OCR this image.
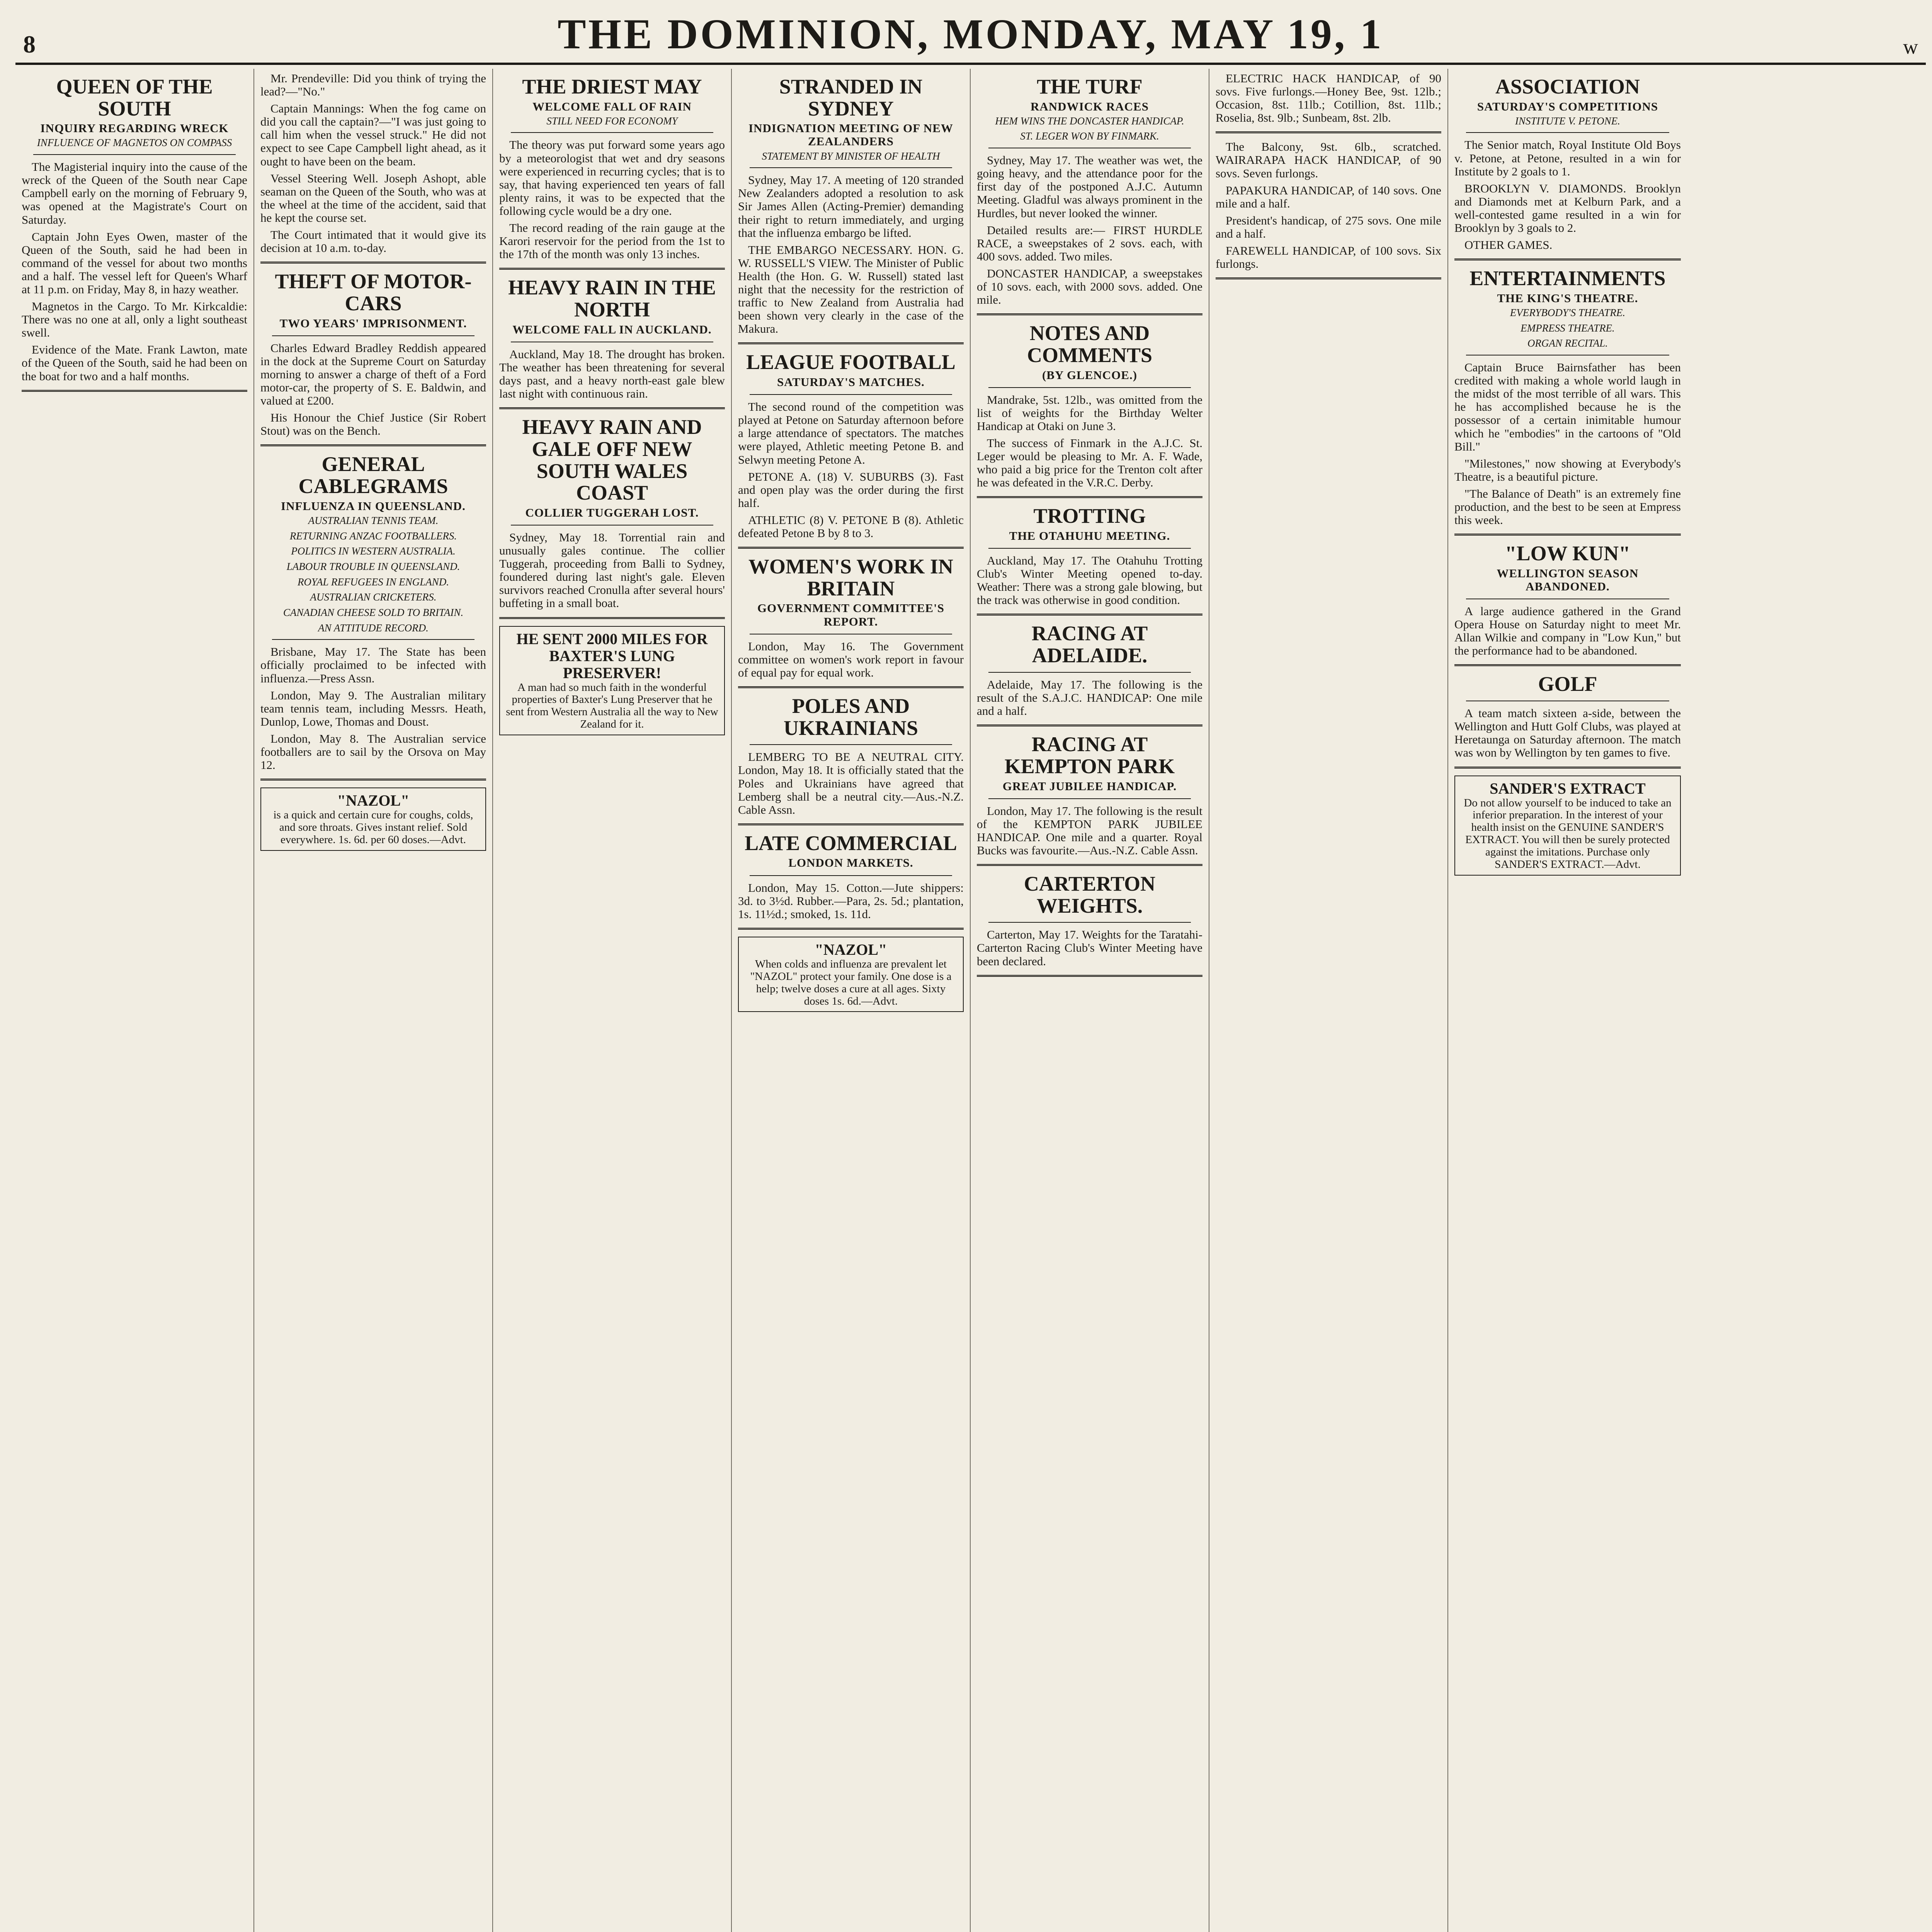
8	THE DOMINION, MONDAY, MAY 19, 1	w
QUEEN OF THE SOUTH
INQUIRY REGARDING WRECK
INFLUENCE OF MAGNETOS ON COMPASS

The Magisterial inquiry into the cause of the wreck of the Queen of the South near Cape Campbell early on the morning of February 9, was opened at the Magistrate's Court on Saturday.

Captain John Eyes Owen, master of the Queen of the South, said he had been in command of the vessel for about two months and a half. The vessel left for Queen's Wharf at 11 p.m. on Friday, May 8, in hazy weather.

Magnetos in the Cargo. To Mr. Kirkcaldie: There was no one at all, only a light southeast swell.

Evidence of the Mate. Frank Lawton, mate of the Queen of the South, said he had been on the boat for two and a half months.

Mr. Prendeville: Did you think of trying the lead?—"No."

Captain Mannings: When the fog came on did you call the captain?—"I was just going to call him when the vessel struck." He did not expect to see Cape Campbell light ahead, as it ought to have been on the beam.

Vessel Steering Well. Joseph Ashopt, able seaman on the Queen of the South, who was at the wheel at the time of the accident, said that he kept the course set.

The Court intimated that it would give its decision at 10 a.m. to-day.

THEFT OF MOTOR-CARS
TWO YEARS' IMPRISONMENT.

Charles Edward Bradley Reddish appeared in the dock at the Supreme Court on Saturday morning to answer a charge of theft of a Ford motor-car, the property of S. E. Baldwin, and valued at £200.

His Honour the Chief Justice (Sir Robert Stout) was on the Bench.

GENERAL CABLEGRAMS
INFLUENZA IN QUEENSLAND.
AUSTRALIAN TENNIS TEAM.
RETURNING ANZAC FOOTBALLERS.
POLITICS IN WESTERN AUSTRALIA.
LABOUR TROUBLE IN QUEENSLAND.
ROYAL REFUGEES IN ENGLAND.
AUSTRALIAN CRICKETERS.
CANADIAN CHEESE SOLD TO BRITAIN.
AN ATTITUDE RECORD.

Brisbane, May 17. The State has been officially proclaimed to be infected with influenza.—Press Assn.

London, May 9. The Australian military team tennis team, including Messrs. Heath, Dunlop, Lowe, Thomas and Doust.

London, May 8. The Australian service footballers are to sail by the Orsova on May 12.

"NAZOL"
is a quick and certain cure for coughs, colds, and sore throats. Gives instant relief. Sold everywhere. 1s. 6d. per 60 doses.—Advt.
THE DRIEST MAY
WELCOME FALL OF RAIN
STILL NEED FOR ECONOMY

The theory was put forward some years ago by a meteorologist that wet and dry seasons were experienced in recurring cycles; that is to say, that having experienced ten years of fall plenty rains, it was to be expected that the following cycle would be a dry one.

The record reading of the rain gauge at the Karori reservoir for the period from the 1st to the 17th of the month was only 13 inches.

HEAVY RAIN IN THE NORTH
WELCOME FALL IN AUCKLAND.

Auckland, May 18. The drought has broken. The weather has been threatening for several days past, and a heavy north-east gale blew last night with continuous rain.

HEAVY RAIN AND GALE OFF NEW SOUTH WALES COAST
COLLIER TUGGERAH LOST.

Sydney, May 18. Torrential rain and unusually gales continue. The collier Tuggerah, proceeding from Balli to Sydney, foundered during last night's gale. Eleven survivors reached Cronulla after several hours' buffeting in a small boat.

HE SENT 2000 MILES FOR BAXTER'S LUNG PRESERVER!
A man had so much faith in the wonderful properties of Baxter's Lung Preserver that he sent from Western Australia all the way to New Zealand for it.
STRANDED IN SYDNEY
INDIGNATION MEETING OF NEW ZEALANDERS
STATEMENT BY MINISTER OF HEALTH

Sydney, May 17. A meeting of 120 stranded New Zealanders adopted a resolution to ask Sir James Allen (Acting-Premier) demanding their right to return immediately, and urging that the influenza embargo be lifted.

THE EMBARGO NECESSARY. HON. G. W. RUSSELL'S VIEW. The Minister of Public Health (the Hon. G. W. Russell) stated last night that the necessity for the restriction of traffic to New Zealand from Australia had been shown very clearly in the case of the Makura.

LEAGUE FOOTBALL
SATURDAY'S MATCHES.

The second round of the competition was played at Petone on Saturday afternoon before a large attendance of spectators. The matches were played, Athletic meeting Petone B. and Selwyn meeting Petone A.

PETONE A. (18) V. SUBURBS (3). Fast and open play was the order during the first half.

ATHLETIC (8) V. PETONE B (8). Athletic defeated Petone B by 8 to 3.

WOMEN'S WORK IN BRITAIN
GOVERNMENT COMMITTEE'S REPORT.

London, May 16. The Government committee on women's work report in favour of equal pay for equal work.

POLES AND UKRAINIANS

LEMBERG TO BE A NEUTRAL CITY. London, May 18. It is officially stated that the Poles and Ukrainians have agreed that Lemberg shall be a neutral city.—Aus.-N.Z. Cable Assn.

LATE COMMERCIAL
LONDON MARKETS.

London, May 15. Cotton.—Jute shippers: 3d. to 3½d. Rubber.—Para, 2s. 5d.; plantation, 1s. 11½d.; smoked, 1s. 11d.

"NAZOL"
When colds and influenza are prevalent let "NAZOL" protect your family. One dose is a help; twelve doses a cure at all ages. Sixty doses 1s. 6d.—Advt.
THE TURF
RANDWICK RACES
HEM WINS THE DONCASTER HANDICAP.
ST. LEGER WON BY FINMARK.

Sydney, May 17. The weather was wet, the going heavy, and the attendance poor for the first day of the postponed A.J.C. Autumn Meeting. Gladful was always prominent in the Hurdles, but never looked the winner.

Detailed results are:— FIRST HURDLE RACE, a sweepstakes of 2 sovs. each, with 400 sovs. added. Two miles.

DONCASTER HANDICAP, a sweepstakes of 10 sovs. each, with 2000 sovs. added. One mile.

NOTES AND COMMENTS
(BY GLENCOE.)

Mandrake, 5st. 12lb., was omitted from the list of weights for the Birthday Welter Handicap at Otaki on June 3.

The success of Finmark in the A.J.C. St. Leger would be pleasing to Mr. A. F. Wade, who paid a big price for the Trenton colt after he was defeated in the V.R.C. Derby.

TROTTING
THE OTAHUHU MEETING.

Auckland, May 17. The Otahuhu Trotting Club's Winter Meeting opened to-day. Weather: There was a strong gale blowing, but the track was otherwise in good condition.

RACING AT ADELAIDE.

Adelaide, May 17. The following is the result of the S.A.J.C. HANDICAP: One mile and a half.

RACING AT KEMPTON PARK
GREAT JUBILEE HANDICAP.

London, May 17. The following is the result of the KEMPTON PARK JUBILEE HANDICAP. One mile and a quarter. Royal Bucks was favourite.—Aus.-N.Z. Cable Assn.

CARTERTON WEIGHTS.

Carterton, May 17. Weights for the Taratahi-Carterton Racing Club's Winter Meeting have been declared.

ELECTRIC HACK HANDICAP, of 90 sovs. Five furlongs.—Honey Bee, 9st. 12lb.; Occasion, 8st. 11lb.; Cotillion, 8st. 11lb.; Roselia, 8st. 9lb.; Sunbeam, 8st. 2lb.

The Balcony, 9st. 6lb., scratched. WAIRARAPA HACK HANDICAP, of 90 sovs. Seven furlongs.

PAPAKURA HANDICAP, of 140 sovs. One mile and a half.

President's handicap, of 275 sovs. One mile and a half.

FAREWELL HANDICAP, of 100 sovs. Six furlongs.

ASSOCIATION
SATURDAY'S COMPETITIONS
INSTITUTE V. PETONE.

The Senior match, Royal Institute Old Boys v. Petone, at Petone, resulted in a win for Institute by 2 goals to 1.

BROOKLYN V. DIAMONDS. Brooklyn and Diamonds met at Kelburn Park, and a well-contested game resulted in a win for Brooklyn by 3 goals to 2.

OTHER GAMES.

ENTERTAINMENTS
THE KING'S THEATRE.
EVERYBODY'S THEATRE.
EMPRESS THEATRE.
ORGAN RECITAL.

Captain Bruce Bairnsfather has been credited with making a whole world laugh in the midst of the most terrible of all wars. This he has accomplished because he is the possessor of a certain inimitable humour which he "embodies" in the cartoons of "Old Bill."

"Milestones," now showing at Everybody's Theatre, is a beautiful picture.

"The Balance of Death" is an extremely fine production, and the best to be seen at Empress this week.

"LOW KUN"
WELLINGTON SEASON ABANDONED.

A large audience gathered in the Grand Opera House on Saturday night to meet Mr. Allan Wilkie and company in "Low Kun," but the performance had to be abandoned.

GOLF

A team match sixteen a-side, between the Wellington and Hutt Golf Clubs, was played at Heretaunga on Saturday afternoon. The match was won by Wellington by ten games to five.

SANDER'S EXTRACT
Do not allow yourself to be induced to take an inferior preparation. In the interest of your health insist on the GENUINE SANDER'S EXTRACT. You will then be surely protected against the imitations. Purchase only SANDER'S EXTRACT.—Advt.
